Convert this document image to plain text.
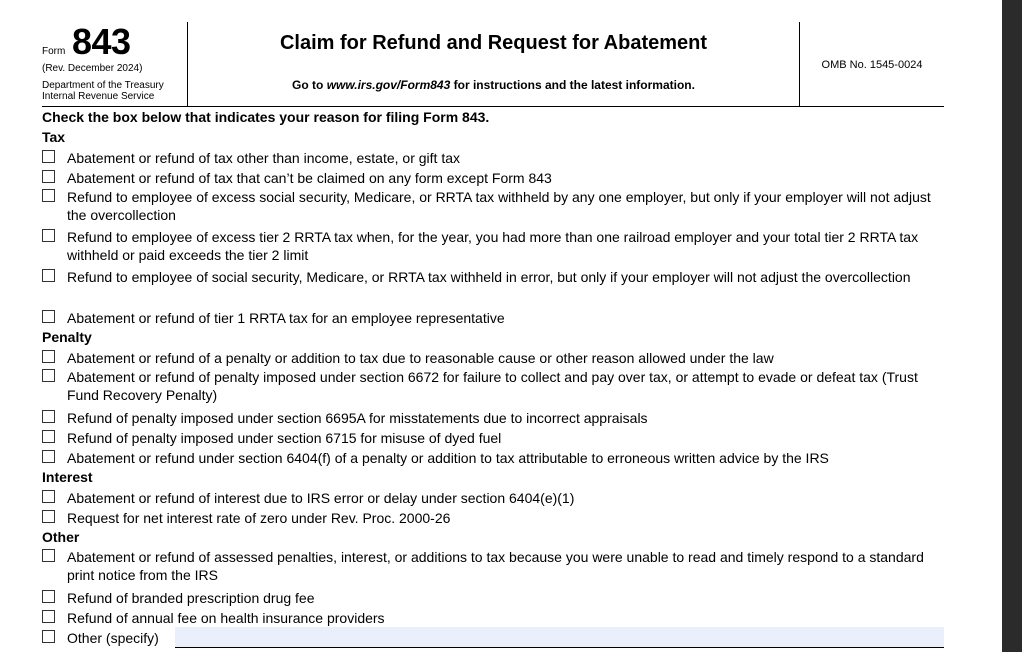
Form 843
(Rev. December 2024)
Department of the Treasury
Internal Revenue Service
Claim for Refund and Request for Abatement
Go to www.irs.gov/Form843 for instructions and the latest information.
OMB No. 1545-0024
Check the box below that indicates your reason for filing Form 843.
Tax
Abatement or refund of tax other than income, estate, or gift tax
Abatement or refund of tax that can’t be claimed on any form except Form 843
Refund to employee of excess social security, Medicare, or RRTA tax withheld by any one employer, but only if your employer will not adjust the overcollection
Refund to employee of excess tier 2 RRTA tax when, for the year, you had more than one railroad employer and your total tier 2 RRTA tax withheld or paid exceeds the tier 2 limit
Refund to employee of social security, Medicare, or RRTA tax withheld in error, but only if your employer will not adjust the overcollection
Abatement or refund of tier 1 RRTA tax for an employee representative
Penalty
Abatement or refund of a penalty or addition to tax due to reasonable cause or other reason allowed under the law
Abatement or refund of penalty imposed under section 6672 for failure to collect and pay over tax, or attempt to evade or defeat tax (Trust Fund Recovery Penalty)
Refund of penalty imposed under section 6695A for misstatements due to incorrect appraisals
Refund of penalty imposed under section 6715 for misuse of dyed fuel
Abatement or refund under section 6404(f) of a penalty or addition to tax attributable to erroneous written advice by the IRS
Interest
Abatement or refund of interest due to IRS error or delay under section 6404(e)(1)
Request for net interest rate of zero under Rev. Proc. 2000-26
Other
Abatement or refund of assessed penalties, interest, or additions to tax because you were unable to read and timely respond to a standard print notice from the IRS
Refund of branded prescription drug fee
Refund of annual fee on health insurance providers
Other (specify)
